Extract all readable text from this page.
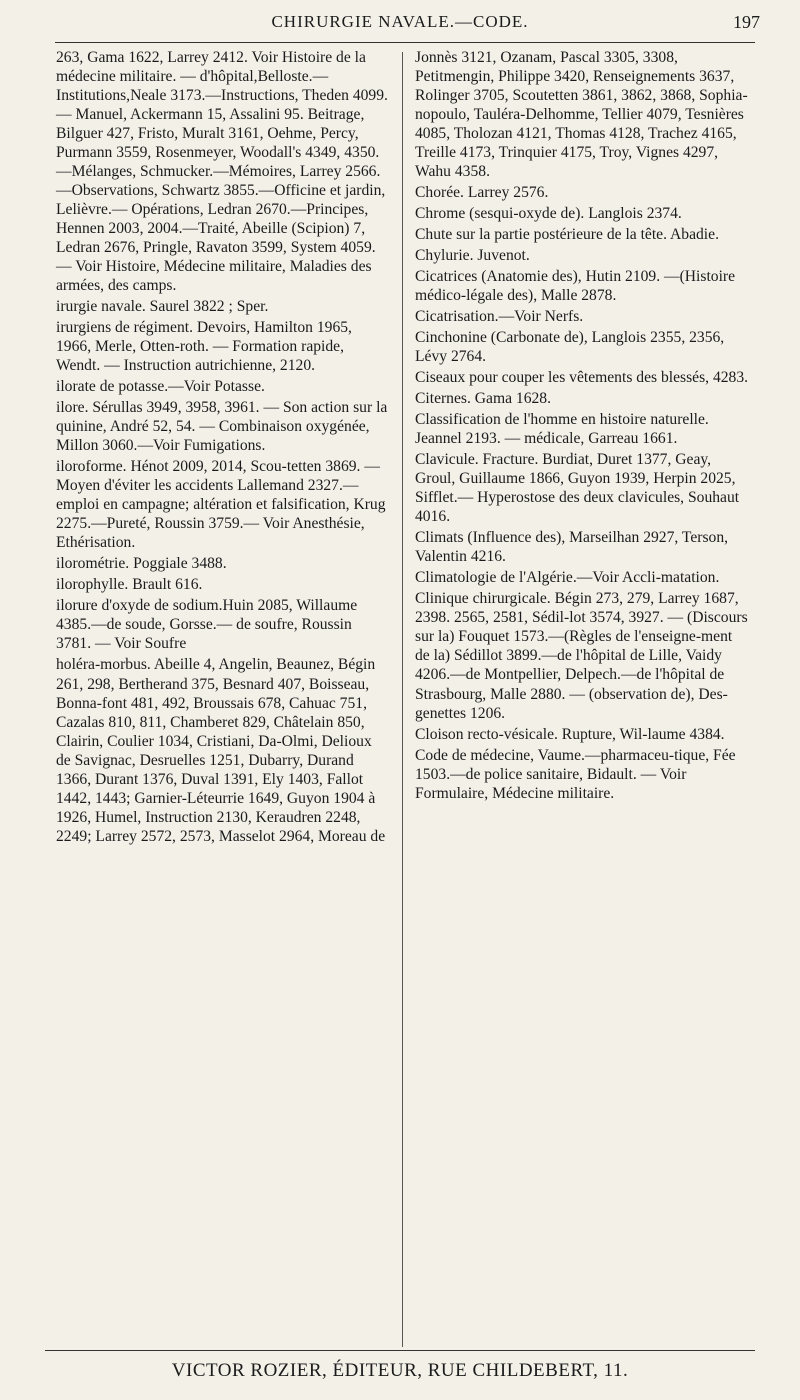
CHIRURGIE NAVALE.—CODE.	197

263, Gama 1622, Larrey 2412. Voir Histoire de la médecine militaire. — d'hôpital,Belloste.—Institutions,Neale 3173.—Instructions, Theden 4099. — Manuel, Ackermann 15, Assalini 95. Beitrage, Bilguer 427, Fristo, Muralt 3161, Oehme, Percy, Purmann 3559, Rosenmeyer, Woodall's 4349, 4350. —Mélanges, Schmucker.—Mémoires, Larrey 2566.—Observations, Schwartz 3855.—Officine et jardin, Lelièvre.— Opérations, Ledran 2670.—Principes, Hennen 2003, 2004.—Traité, Abeille (Scipion) 7, Ledran 2676, Pringle, Ravaton 3599, System 4059. — Voir Histoire, Médecine militaire, Maladies des armées, des camps.

irurgie navale. Saurel 3822 ; Sper.

irurgiens de régiment. Devoirs, Hamilton 1965, 1966, Merle, Otten-roth. — Formation rapide, Wendt. — Instruction autrichienne, 2120.

ilorate de potasse.—Voir Potasse.

ilore. Sérullas 3949, 3958, 3961. — Son action sur la quinine, André 52, 54. — Combinaison oxygénée, Millon 3060.—Voir Fumigations.

iloroforme. Hénot 2009, 2014, Scou-tetten 3869. — Moyen d'éviter les accidents Lallemand 2327.—emploi en campagne; altération et falsification, Krug 2275.—Pureté, Roussin 3759.— Voir Anesthésie, Ethérisation.

ilorométrie. Poggiale 3488.

ilorophylle. Brault 616.

ilorure d'oxyde de sodium.Huin 2085, Willaume 4385.—de soude, Gorsse.— de soufre, Roussin 3781. — Voir Soufre

holéra-morbus. Abeille 4, Angelin, Beaunez, Bégin 261, 298, Bertherand 375, Besnard 407, Boisseau, Bonna-font 481, 492, Broussais 678, Cahuac 751, Cazalas 810, 811, Chamberet 829, Châtelain 850, Clairin, Coulier 1034, Cristiani, Da-Olmi, Delioux de Savignac, Desruelles 1251, Dubarry, Durand 1366, Durant 1376, Duval 1391, Ely 1403, Fallot 1442, 1443; Garnier-Léteurrie 1649, Guyon 1904 à 1926, Humel, Instruction 2130, Keraudren 2248, 2249; Larrey 2572, 2573, Masselot 2964, Moreau de

Jonnès 3121, Ozanam, Pascal 3305, 3308, Petitmengin, Philippe 3420, Renseignements 3637, Rolinger 3705, Scoutetten 3861, 3862, 3868, Sophia-nopoulo, Tauléra-Delhomme, Tellier 4079, Tesnières 4085, Tholozan 4121, Thomas 4128, Trachez 4165, Treille 4173, Trinquier 4175, Troy, Vignes 4297, Wahu 4358.

Chorée. Larrey 2576.

Chrome (sesqui-oxyde de). Langlois 2374.

Chute sur la partie postérieure de la tête. Abadie.

Chylurie. Juvenot.

Cicatrices (Anatomie des), Hutin 2109. —(Histoire médico-légale des), Malle 2878.

Cicatrisation.—Voir Nerfs.

Cinchonine (Carbonate de), Langlois 2355, 2356, Lévy 2764.

Ciseaux pour couper les vêtements des blessés, 4283.

Citernes. Gama 1628.

Classification de l'homme en histoire naturelle. Jeannel 2193. — médicale, Garreau 1661.

Clavicule. Fracture. Burdiat, Duret 1377, Geay, Groul, Guillaume 1866, Guyon 1939, Herpin 2025, Sifflet.— Hyperostose des deux clavicules, Souhaut 4016.

Climats (Influence des), Marseilhan 2927, Terson, Valentin 4216.

Climatologie de l'Algérie.—Voir Accli-matation.

Clinique chirurgicale. Bégin 273, 279, Larrey 1687, 2398. 2565, 2581, Sédil-lot 3574, 3927. — (Discours sur la) Fouquet 1573.—(Règles de l'enseigne-ment de la) Sédillot 3899.—de l'hôpital de Lille, Vaidy 4206.—de Montpellier, Delpech.—de l'hôpital de Strasbourg, Malle 2880. — (observation de), Des-genettes 1206.

Cloison recto-vésicale. Rupture, Wil-laume 4384.

Code de médecine, Vaume.—pharmaceu-tique, Fée 1503.—de police sanitaire, Bidault. — Voir Formulaire, Médecine militaire.

VICTOR ROZIER, ÉDITEUR, RUE CHILDEBERT, 11.
